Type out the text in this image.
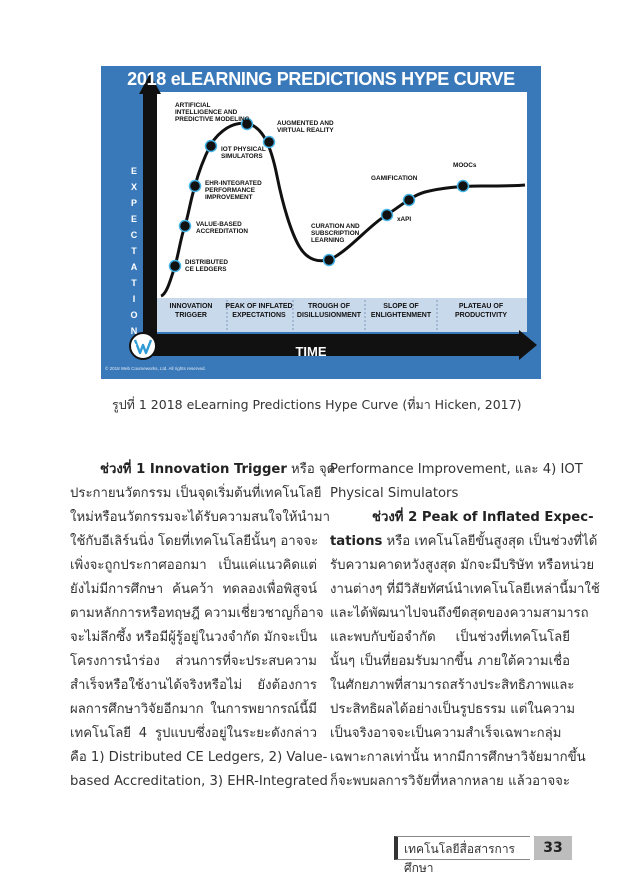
2018 eLEARNING PREDICTIONS HYPE CURVE
E
X
P
E
C
T
A
T
I
O
N
S
DISTRIBUTED CE LEDGERS
VALUE-BASED ACCREDITATION
EHR-INTEGRATED PERFORMANCE IMPROVEMENT
IOT PHYSICAL SIMULATORS
ARTIFICIAL INTELLIGENCE AND PREDICTIVE MODELING
AUGMENTED AND VIRTUAL REALITY
CURATION AND SUBSCRIPTION LEARNING
xAPI
GAMIFICATION
MOOCs
INNOVATION TRIGGER
PEAK OF INFLATED EXPECTATIONS
TROUGH OF DISILLUSIONMENT
SLOPE OF ENLIGHTENMENT
PLATEAU OF PRODUCTIVITY
TIME
© 2018 Web Courseworks, Ltd. All rights reserved.
รูปที่ 1 2018 eLearning Predictions Hype Curve (ที่มา Hicken, 2017)
ช่วงที่ 1 Innovation Trigger หรือ จุด
ประกายนวัตกรรม เป็นจุดเริ่มต้นที่เทคโนโลยี
ใหม่หรือนวัตกรรมจะได้รับความสนใจให้นำมา
ใช้กับอีเลิร์นนิ่ง โดยที่เทคโนโลยีนั้นๆ อาจจะ
เพิ่งจะถูกประกาศออกมา เป็นแค่แนวคิดแต่
ยังไม่มีการศึกษา ค้นคว้า ทดลองเพื่อพิสูจน์
ตามหลักการหรือทฤษฎี ความเชี่ยวชาญก็อาจ
จะไม่ลึกซึ้ง หรือมีผู้รู้อยู่ในวงจำกัด มักจะเป็น
โครงการนำร่อง ส่วนการที่จะประสบความ
สำเร็จหรือใช้งานได้จริงหรือไม่ ยังต้องการ
ผลการศึกษาวิจัยอีกมาก ในการพยากรณ์นี้มี
เทคโนโลยี 4 รูปแบบซึ่งอยู่ในระยะดังกล่าว
คือ 1) Distributed CE Ledgers, 2) Value-
based Accreditation, 3) EHR-Integrated
Performance Improvement, และ 4) IOT
Physical Simulators
ช่วงที่ 2 Peak of Inflated Expec-
tations หรือ เทคโนโลยีขั้นสูงสุด เป็นช่วงที่ได้
รับความคาดหวังสูงสุด มักจะมีบริษัท หรือหน่วย
งานต่างๆ ที่มีวิสัยทัศน์นำเทคโนโลยีเหล่านี้มาใช้
และได้พัฒนาไปจนถึงขีดสุดของความสามารถ
และพบกับข้อจำกัด เป็นช่วงที่เทคโนโลยี
นั้นๆ เป็นที่ยอมรับมากขึ้น ภายใต้ความเชื่อ
ในศักยภาพที่สามารถสร้างประสิทธิภาพและ
ประสิทธิผลได้อย่างเป็นรูปธรรม แต่ในความ
เป็นจริงอาจจะเป็นความสำเร็จเฉพาะกลุ่ม
เฉพาะกาลเท่านั้น หากมีการศึกษาวิจัยมากขึ้น
ก็จะพบผลการวิจัยที่หลากหลาย แล้วอาจจะ
เทคโนโลยีสื่อสารการศึกษา
33
